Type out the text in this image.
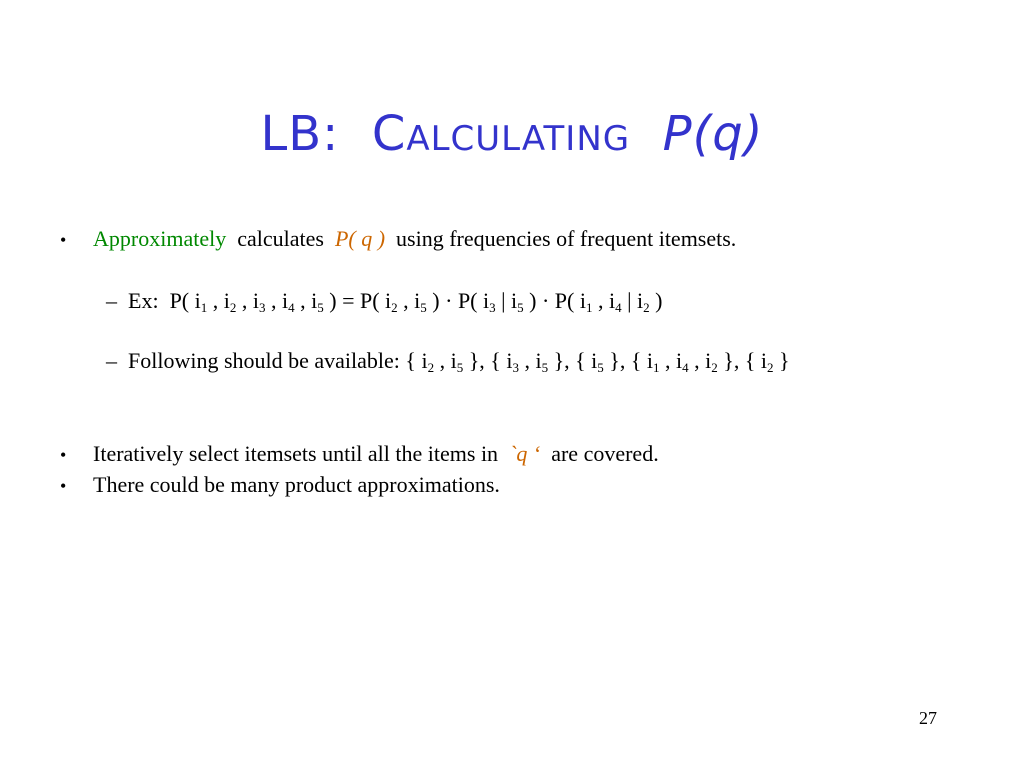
LB: Calculating P(q)
• Approximately calculates P( q ) using frequencies of frequent itemsets.
– Ex: P( $i_1$ , $i_2$ , $i_3$ , $i_4$ , $i_5$ ) = P( $i_2$ , $i_5$ ) · P( $i_3$ | $i_5$ ) · P( $i_1$ , $i_4$ | $i_2$ )
– Following should be available: { $i_2$ , $i_5$ }, { $i_3$ , $i_5$ }, { $i_5$ }, { $i_1$ , $i_4$ , $i_2$ }, { $i_2$ }
• Iteratively select itemsets until all the items in `q ‘ are covered.
• There could be many product approximations.
27
